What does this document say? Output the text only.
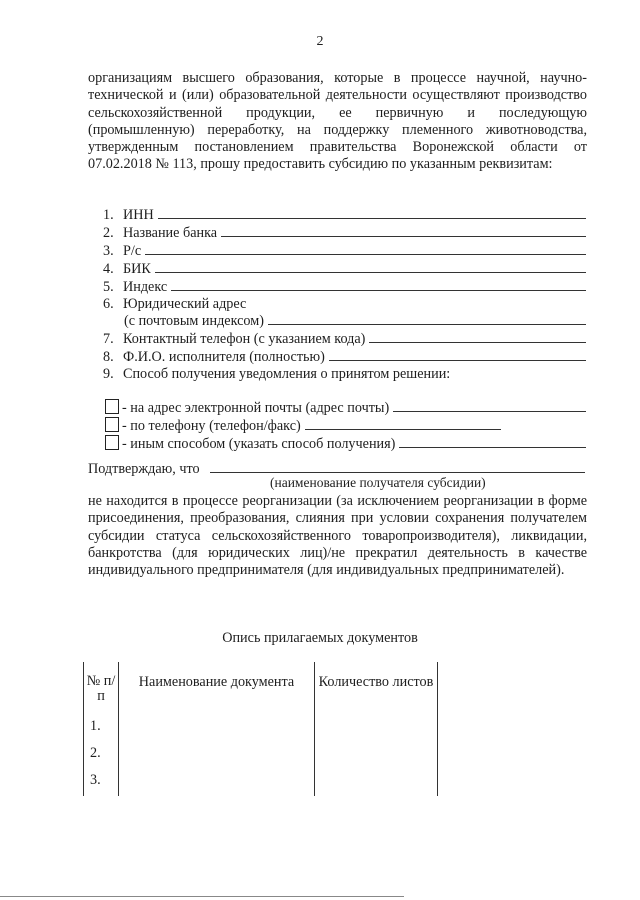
2
организациям высшего образования, которые в процессе научной, научно-технической и (или) образовательной деятельности осуществляют производство сельскохозяйственной продукции, ее первичную и последующую (промышленную) переработку, на поддержку племенного животноводства, утвержденным постановлением правительства Воронежской области от 07.02.2018 № 113, прошу предоставить субсидию по указанным реквизитам:
1. ИНН
2. Название банка
3. Р/с
4. БИК
5. Индекс
6. Юридический адрес
(с почтовым индексом)
7. Контактный телефон (с указанием кода)
8. Ф.И.О. исполнителя (полностью)
9. Способ получения уведомления о принятом решении:
- на адрес электронной почты (адрес почты)
- по телефону (телефон/факс)
- иным способом (указать способ получения)
Подтверждаю, что
(наименование получателя субсидии)
не находится в процессе реорганизации (за исключением реорганизации в форме присоединения, преобразования, слияния при условии сохранения получателем субсидии статуса сельскохозяйственного товаропроизводителя), ликвидации, банкротства (для юридических лиц)/не прекратил деятельность в качестве индивидуального предпринимателя (для индивидуальных предпринимателей).
Опись прилагаемых документов
№ п/п	Наименование документа	Количество листов
1.		
2.		
3.		
